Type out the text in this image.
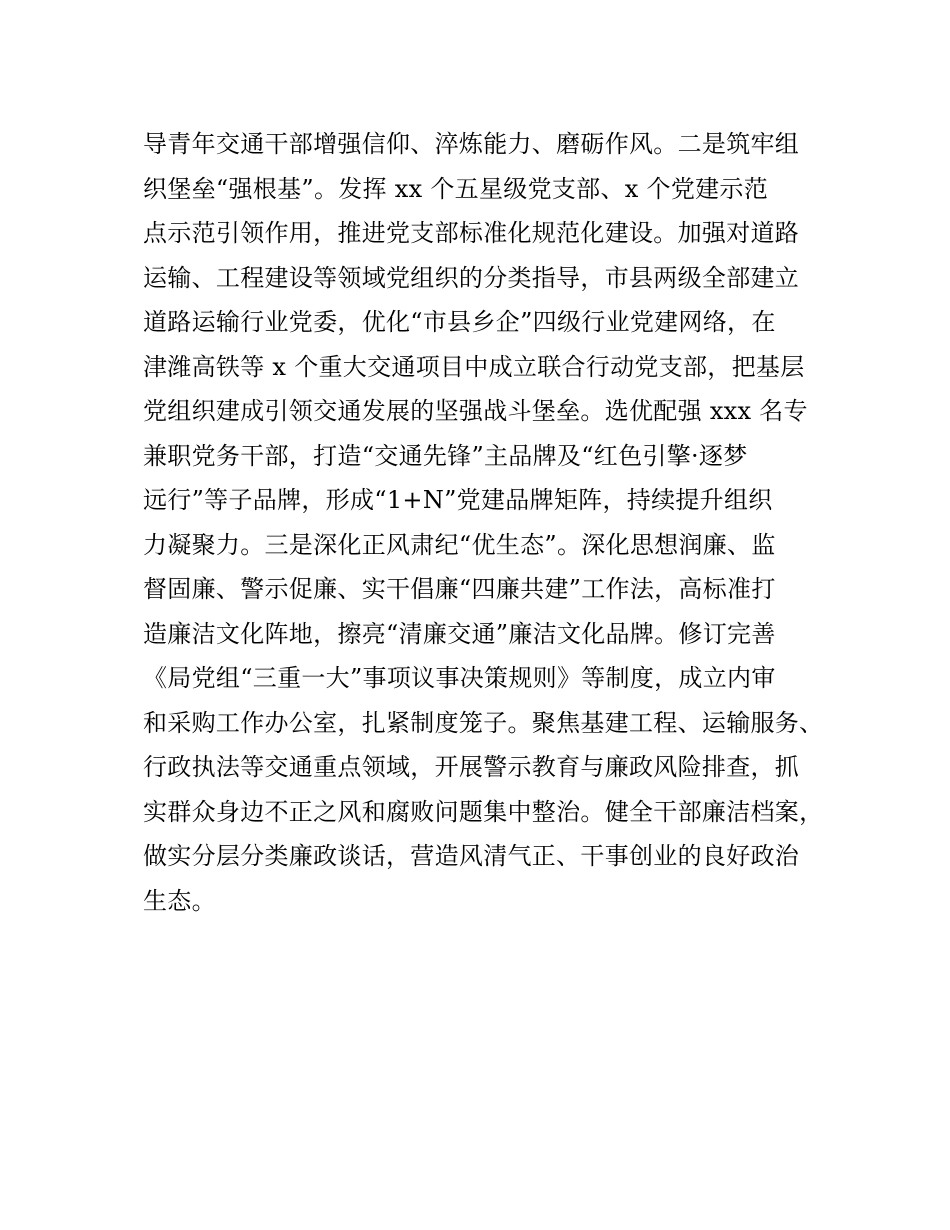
导青年交通干部增强信仰、淬炼能力、磨砺作风。二是筑牢组
织堡垒“强根基”。发挥 xx 个五星级党支部、x 个党建示范
点示范引领作用，推进党支部标准化规范化建设。加强对道路
运输、工程建设等领域党组织的分类指导，市县两级全部建立
道路运输行业党委，优化“市县乡企”四级行业党建网络，在
津潍高铁等 x 个重大交通项目中成立联合行动党支部，把基层
党组织建成引领交通发展的坚强战斗堡垒。选优配强 xxx 名专
兼职党务干部，打造“交通先锋”主品牌及“红色引擎·逐梦
远行”等子品牌，形成“1+N”党建品牌矩阵，持续提升组织
力凝聚力。三是深化正风肃纪“优生态”。深化思想润廉、监
督固廉、警示促廉、实干倡廉“四廉共建”工作法，高标准打
造廉洁文化阵地，擦亮“清廉交通”廉洁文化品牌。修订完善
《局党组“三重一大”事项议事决策规则》等制度，成立内审
和采购工作办公室，扎紧制度笼子。聚焦基建工程、运输服务、
行政执法等交通重点领域，开展警示教育与廉政风险排查，抓
实群众身边不正之风和腐败问题集中整治。健全干部廉洁档案，
做实分层分类廉政谈话，营造风清气正、干事创业的良好政治
生态。
